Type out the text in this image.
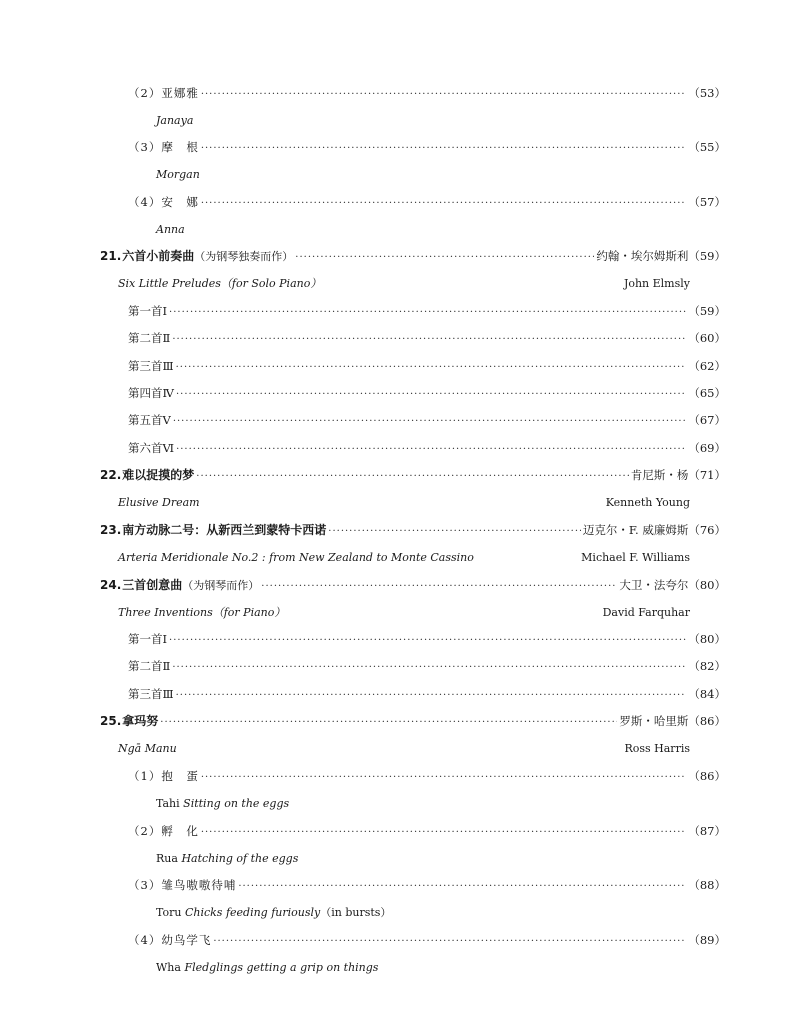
（2）亚娜雅 ·····	（53）
Janaya
（3）摩　根 ·····	（55）
Morgan
（4）安　娜 ·····	（57）
Anna
21.六首小前奏曲（为钢琴独奏而作） ·····	约翰・埃尔姆斯利 （59）
Six Little Preludes（for Solo Piano）	John Elmsly
第一首Ⅰ ·····	（59）
第二首Ⅱ ·····	（60）
第三首Ⅲ ·····	（62）
第四首Ⅳ ·····	（65）
第五首Ⅴ ·····	（67）
第六首Ⅵ ·····	（69）
22.难以捉摸的梦 ·····	肯尼斯・杨 （71）
Elusive Dream	Kenneth Young
23.南方动脉二号：从新西兰到蒙特卡西诺 ·····	迈克尔・F. 威廉姆斯 （76）
Arteria Meridionale No.2 : from New Zealand to Monte Cassino	Michael F. Williams
24.三首创意曲（为钢琴而作） ·····	大卫・法夸尔 （80）
Three Inventions（for Piano）	David Farquhar
第一首Ⅰ ·····	（80）
第二首Ⅱ ·····	（82）
第三首Ⅲ ·····	（84）
25.拿玛努 ·····	罗斯・哈里斯 （86）
Ngā Manu	Ross Harris
（1）抱　蛋 ·····	（86）
Tahi Sitting on the eggs
（2）孵　化 ·····	（87）
Rua Hatching of the eggs
（3）雏鸟嗷嗷待哺 ·····	（88）
Toru Chicks feeding furiously（in bursts）
（4）幼鸟学飞 ·····	（89）
Wha Fledglings getting a grip on things
